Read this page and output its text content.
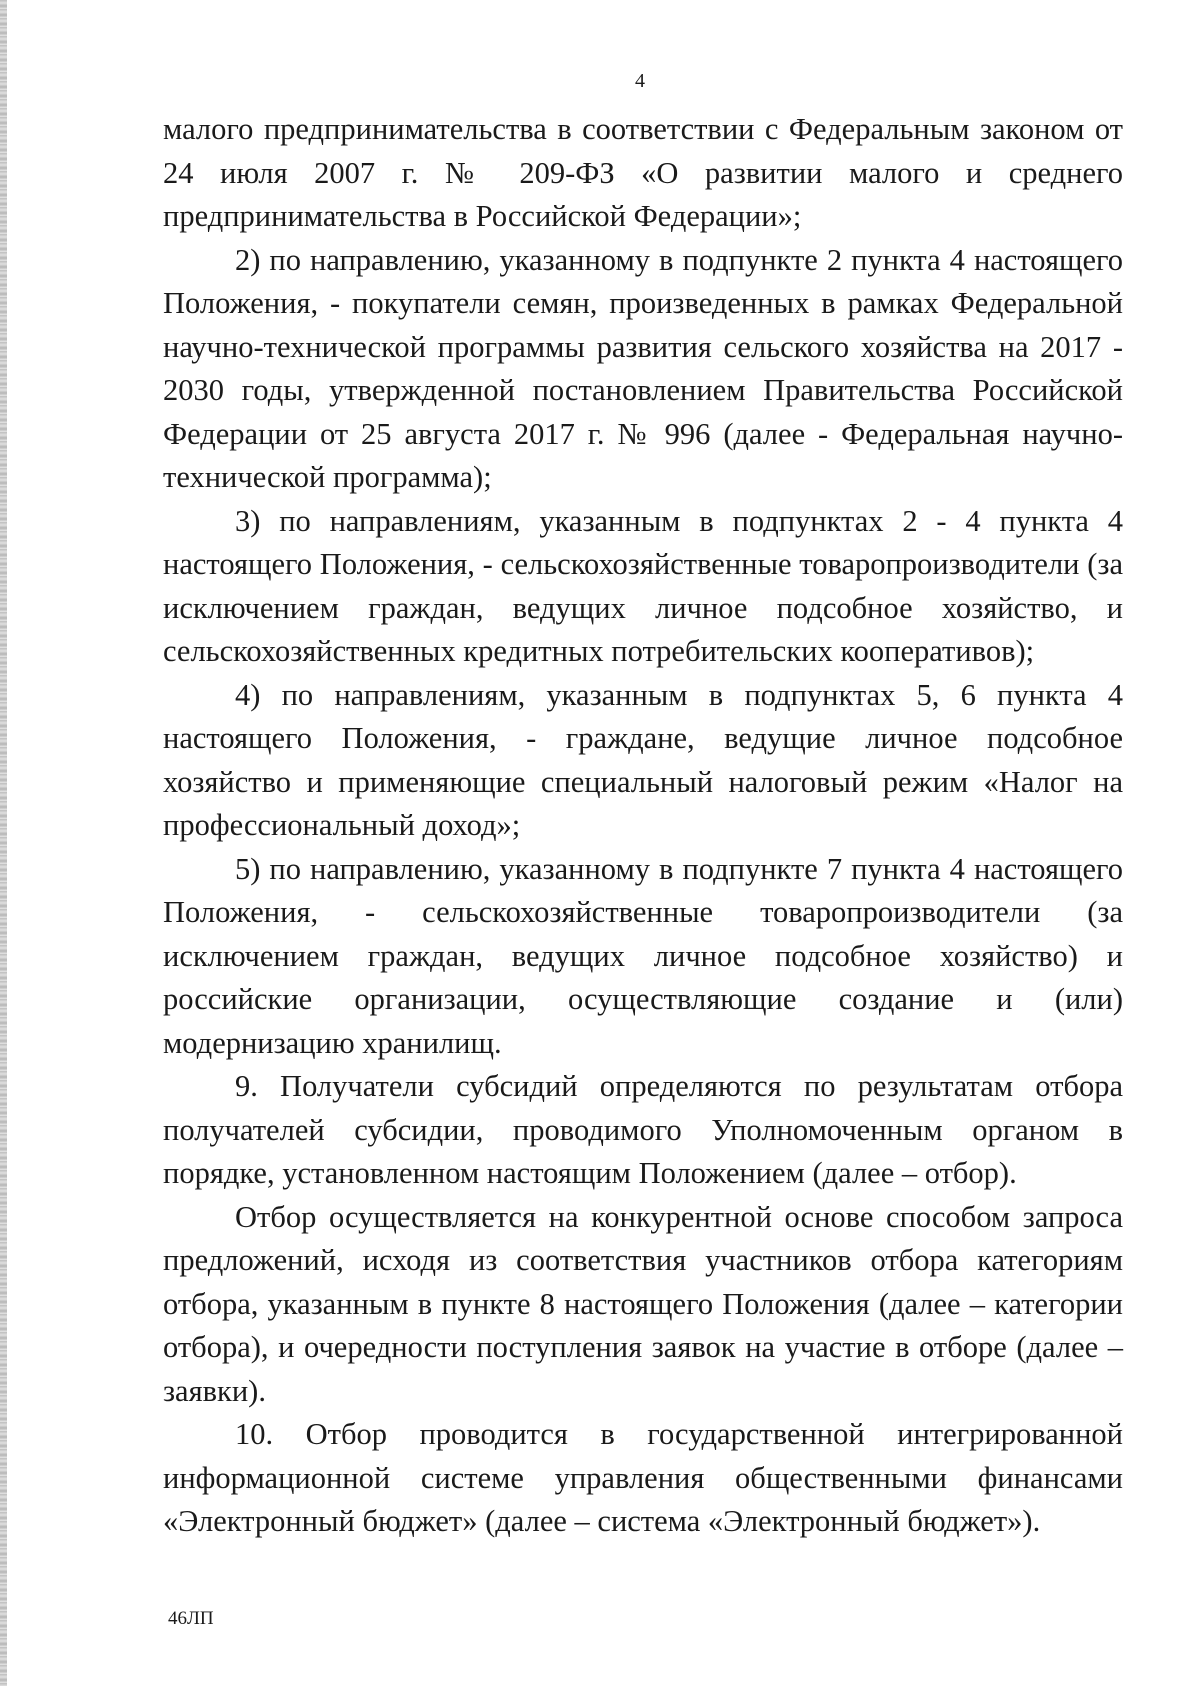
4

малого предпринимательства в соответствии с Федеральным законом от 24 июля 2007 г. № 209-ФЗ «О развитии малого и среднего предпринимательства в Российской Федерации»;

2) по направлению, указанному в подпункте 2 пункта 4 настоящего Положения, - покупатели семян, произведенных в рамках Федеральной научно-технической программы развития сельского хозяйства на 2017 - 2030 годы, утвержденной постановлением Правительства Российской Федерации от 25 августа 2017 г. № 996 (далее - Федеральная научно-технической программа);

3) по направлениям, указанным в подпунктах 2 - 4 пункта 4 настоящего Положения, - сельскохозяйственные товаропроизводители (за исключением граждан, ведущих личное подсобное хозяйство, и сельскохозяйственных кредитных потребительских кооперативов);

4) по направлениям, указанным в подпунктах 5, 6 пункта 4 настоящего Положения, - граждане, ведущие личное подсобное хозяйство и применяющие специальный налоговый режим «Налог на профессиональный доход»;

5) по направлению, указанному в подпункте 7 пункта 4 настоящего Положения, - сельскохозяйственные товаропроизводители (за исключением граждан, ведущих личное подсобное хозяйство) и российские организации, осуществляющие создание и (или) модернизацию хранилищ.

9. Получатели субсидий определяются по результатам отбора получателей субсидии, проводимого Уполномоченным органом в порядке, установленном настоящим Положением (далее – отбор).

Отбор осуществляется на конкурентной основе способом запроса предложений, исходя из соответствия участников отбора категориям отбора, указанным в пункте 8 настоящего Положения (далее – категории отбора), и очередности поступления заявок на участие в отборе (далее – заявки).

10. Отбор проводится в государственной интегрированной информационной системе управления общественными финансами «Электронный бюджет» (далее – система «Электронный бюджет»).

46ЛП
